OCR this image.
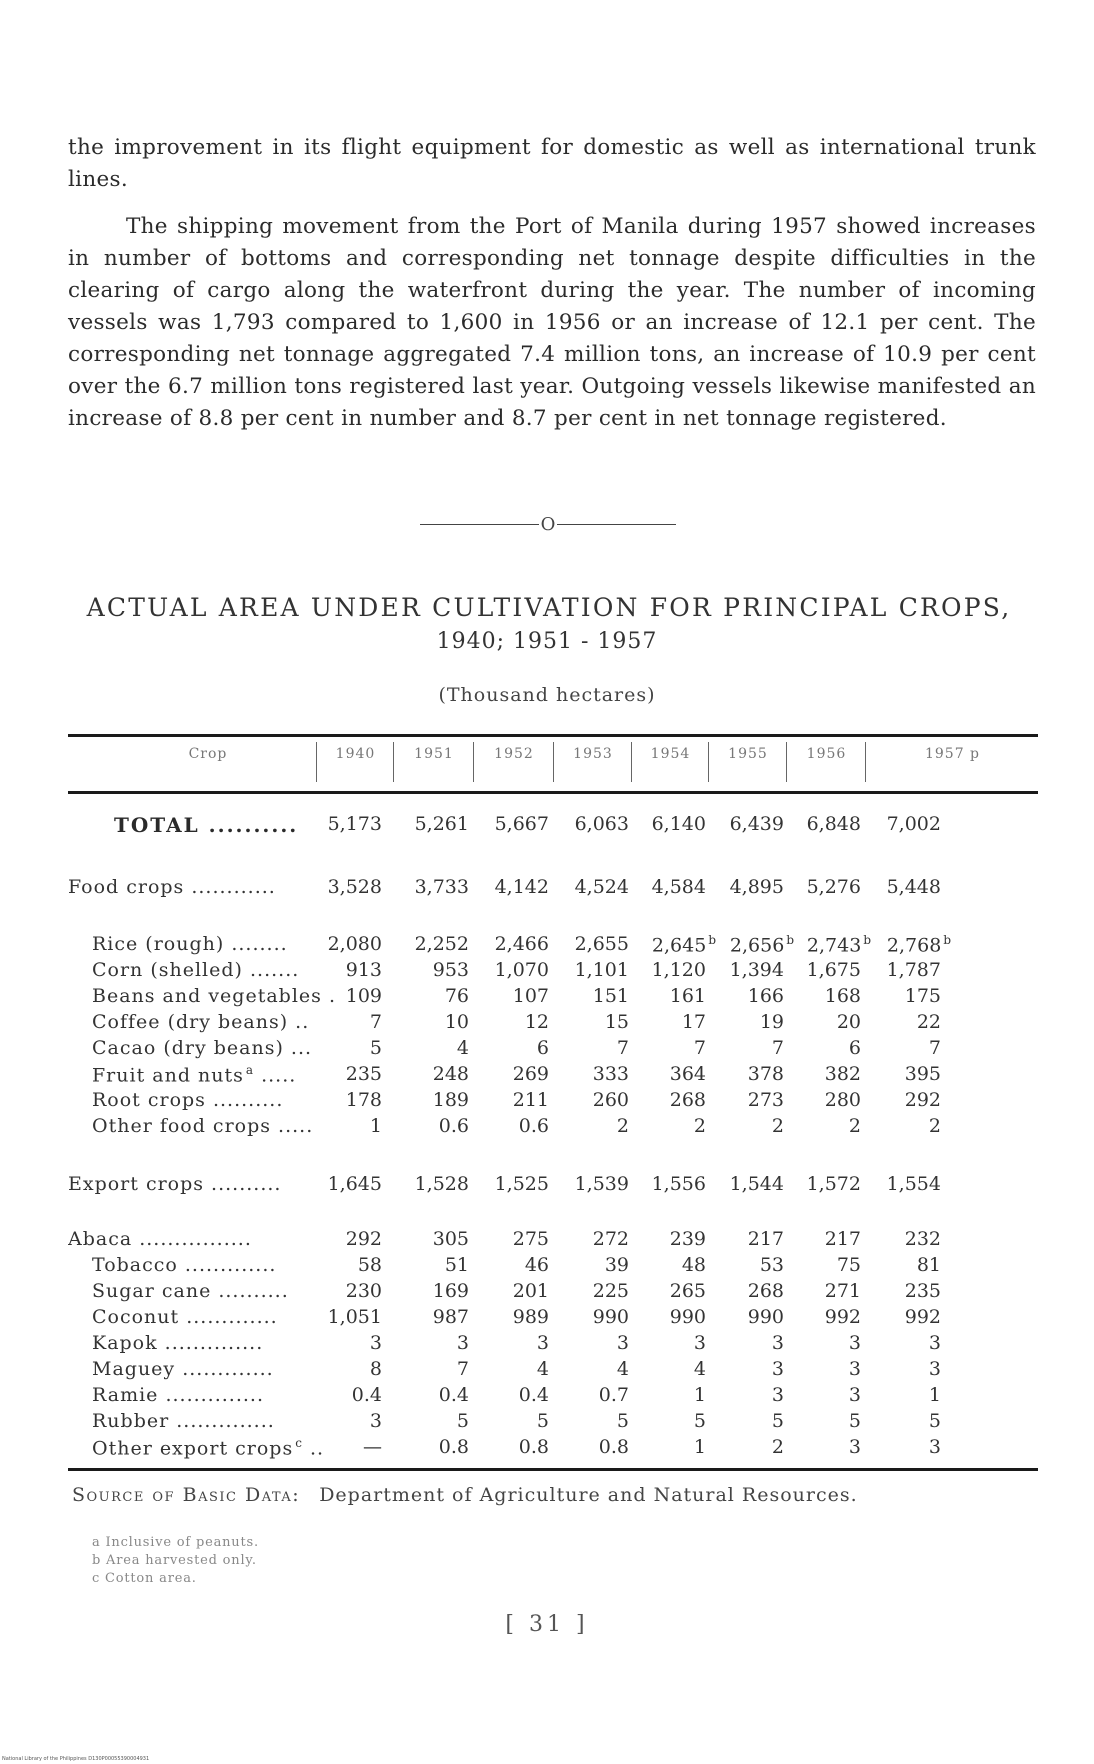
the improvement in its flight equipment for domestic as well as international trunk lines.

The shipping movement from the Port of Manila during 1957 showed increases in number of bottoms and corresponding net tonnage despite difficulties in the clearing of cargo along the waterfront during the year. The number of incoming vessels was 1,793 compared to 1,600 in 1956 or an increase of 12.1 per cent. The corresponding net tonnage aggregated 7.4 million tons, an increase of 10.9 per cent over the 6.7 million tons registered last year. Outgoing vessels likewise manifested an increase of 8.8 per cent in number and 8.7 per cent in net tonnage registered.

O
ACTUAL AREA UNDER CULTIVATION FOR PRINCIPAL CROPS,
1940; 1951 - 1957
(Thousand hectares)
Crop	1940	1951	1952	1953	1954	1955	1956	1957 p
TOTAL ..........	5,173	5,261	5,667	6,063	6,140	6,439	6,848	7,002
Food crops ............	3,528	3,733	4,142	4,524	4,584	4,895	5,276	5,448
Rice (rough) ........	2,080	2,252	2,466	2,655	2,645 $^b$ 2,656 $^b$ 2,743 $^b$ 2,768 $^b$
Corn (shelled) .......	913	953	1,070	1,101	1,120	1,394	1,675	1,787
Beans and vegetables . 109	76	107	151	161	166	168	175
Coffee (dry beans) ..	7	10	12	15	17	19	20	22
Cacao (dry beans) ...	5	4	6	7	7	7	6	7
Fruit and nuts $^a$ .....	235	248	269	333	364	378	382	395
Root crops ..........	178	189	211	260	268	273	280	292
Other food crops .....	1	0.6	0.6	2	2	2	2	2
Export crops ..........	1,645	1,528	1,525	1,539	1,556	1,544	1,572	1,554
Abaca ................	292	305	275	272	239	217	217	232
Tobacco .............	58	51	46	39	48	53	75	81
Sugar cane ..........	230	169	201	225	265	268	271	235
Coconut .............	1,051	987	989	990	990	990	992	992
Kapok ..............	3	3	3	3	3	3	3	3
Maguey .............	8	7	4	4	4	3	3	3
Ramie ..............	0.4	0.4	0.4	0.7	1	3	3	1
Rubber ..............	3	5	5	5	5	5	5	5
Other export crops $^c$ ..	—	0.8	0.8	0.8	1	2	3	3
Source of Basic Data: Department of Agriculture and Natural Resources.
a Inclusive of peanuts.
b Area harvested only.
c Cotton area.
[ 31 ]
National Library of the Philippines D130P00055390004931
